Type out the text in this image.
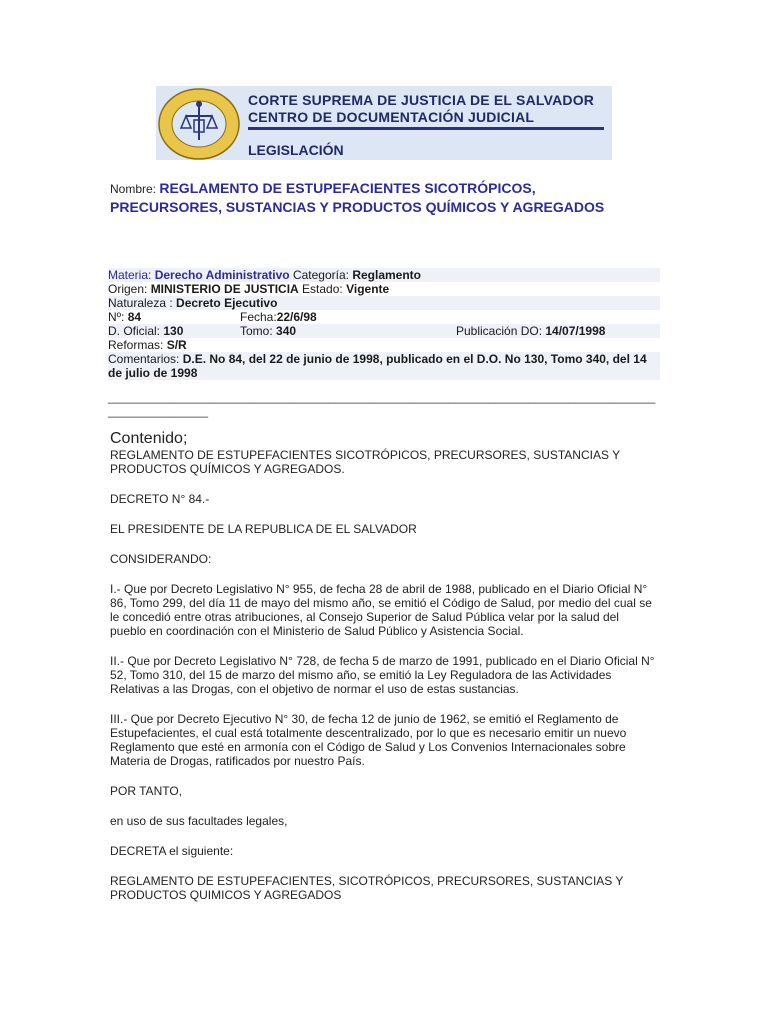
CORTE SUPREMA DE JUSTICIA DE EL SALVADOR
CENTRO DE DOCUMENTACIÓN JUDICIAL
LEGISLACIÓN
Nombre: REGLAMENTO DE ESTUPEFACIENTES SICOTRÓPICOS, PRECURSORES, SUSTANCIAS Y PRODUCTOS QUÍMICOS Y AGREGADOS
Materia: Derecho Administrativo Categoría: Reglamento
Origen: MINISTERIO DE JUSTICIA Estado: Vigente
Naturaleza : Decreto Ejecutivo
Nº: 84	Fecha:22/6/98
D. Oficial: 130	Tomo: 340	Publicación DO: 14/07/1998
Reformas: S/R
Comentarios: D.E. No 84, del 22 de junio de 1998, publicado en el D.O. No 130, Tomo 340, del 14 de julio de 1998
_________________________________________________________________________________________________
Contenido;

REGLAMENTO DE ESTUPEFACIENTES SICOTRÓPICOS, PRECURSORES, SUSTANCIAS Y PRODUCTOS QUÍMICOS Y AGREGADOS.

DECRETO N° 84.-

EL PRESIDENTE DE LA REPUBLICA DE EL SALVADOR

CONSIDERANDO:

I.- Que por Decreto Legislativo N° 955, de fecha 28 de abril de 1988, publicado en el Diario Oficial N° 86, Tomo 299, del día 11 de mayo del mismo año, se emitió el Código de Salud, por medio del cual se le concedió entre otras atribuciones, al Consejo Superior de Salud Pública velar por la salud del pueblo en coordinación con el Ministerio de Salud Público y Asistencia Social.

II.- Que por Decreto Legislativo N° 728, de fecha 5 de marzo de 1991, publicado en el Diario Oficial N° 52, Tomo 310, del 15 de marzo del mismo año, se emitió la Ley Reguladora de las Actividades Relativas a las Drogas, con el objetivo de normar el uso de estas sustancias.

III.- Que por Decreto Ejecutivo N° 30, de fecha 12 de junio de 1962, se emitió el Reglamento de Estupefacientes, el cual está totalmente descentralizado, por lo que es necesario emitir un nuevo Reglamento que esté en armonía con el Código de Salud y Los Convenios Internacionales sobre Materia de Drogas, ratificados por nuestro País.

POR TANTO,

en uso de sus facultades legales,

DECRETA el siguiente:

REGLAMENTO DE ESTUPEFACIENTES, SICOTRÓPICOS, PRECURSORES, SUSTANCIAS Y PRODUCTOS QUIMICOS Y AGREGADOS
